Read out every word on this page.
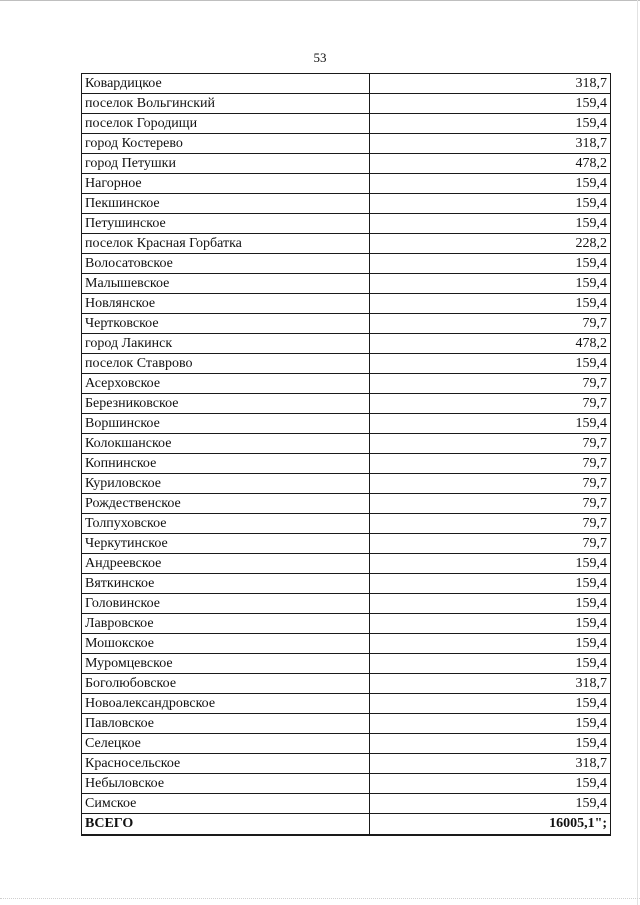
53
Ковардицкое	318,7
поселок Вольгинский	159,4
поселок Городищи	159,4
город Костерево	318,7
город Петушки	478,2
Нагорное	159,4
Пекшинское	159,4
Петушинское	159,4
поселок Красная Горбатка	228,2
Волосатовское	159,4
Малышевское	159,4
Новлянское	159,4
Чертковское	79,7
город Лакинск	478,2
поселок Ставрово	159,4
Асерховское	79,7
Березниковское	79,7
Воршинское	159,4
Колокшанское	79,7
Копнинское	79,7
Куриловское	79,7
Рождественское	79,7
Толпуховское	79,7
Черкутинское	79,7
Андреевское	159,4
Вяткинское	159,4
Головинское	159,4
Лавровское	159,4
Мошокское	159,4
Муромцевское	159,4
Боголюбовское	318,7
Новоалександровское	159,4
Павловское	159,4
Селецкое	159,4
Красносельское	318,7
Небыловское	159,4
Симское	159,4
ВСЕГО	16005,1";
